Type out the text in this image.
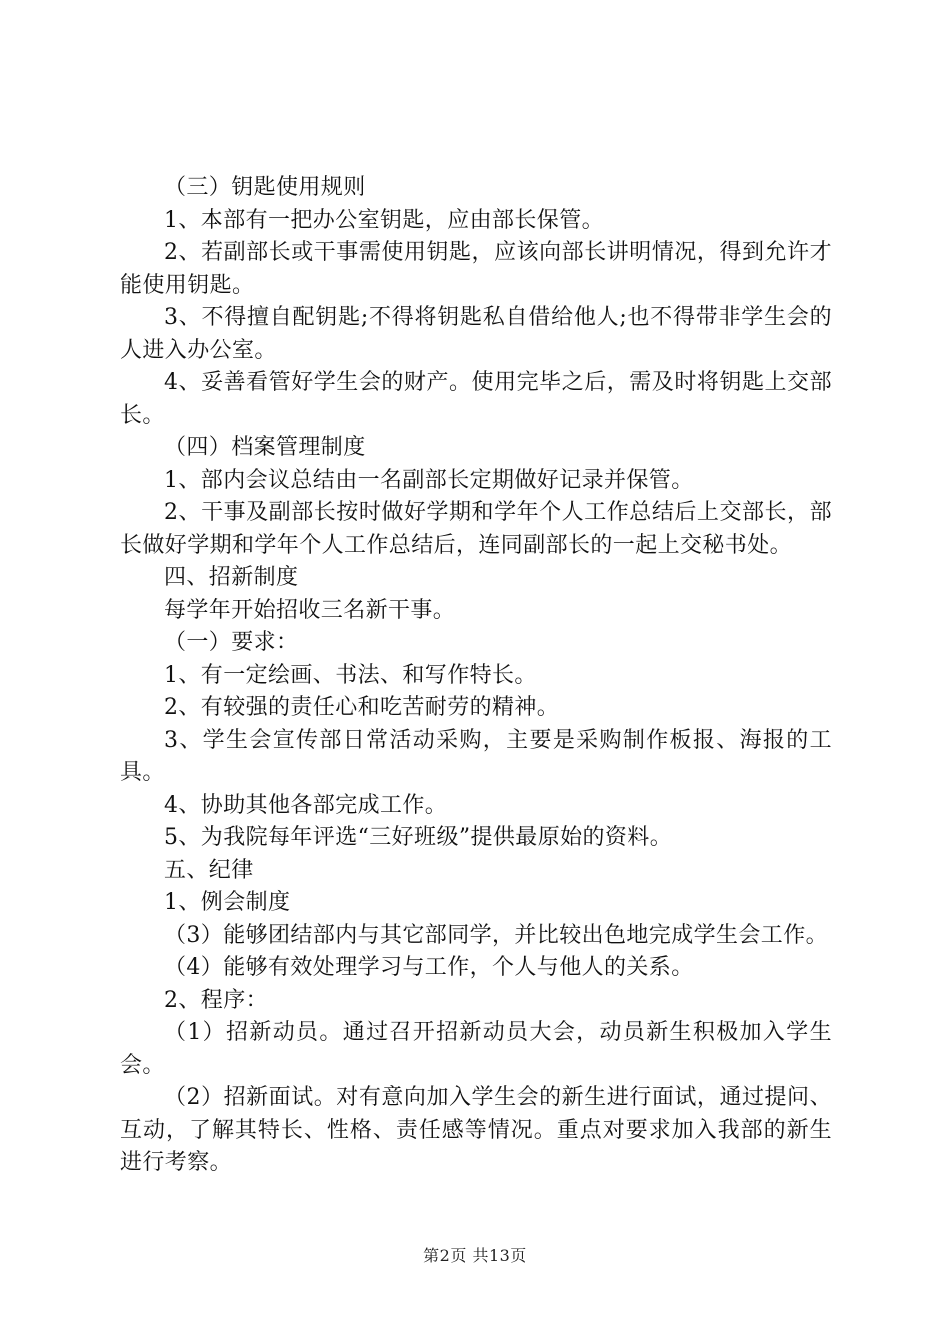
（三）钥匙使用规则

1、本部有一把办公室钥匙，应由部长保管。

2、若副部长或干事需使用钥匙，应该向部长讲明情况，得到允许才能使用钥匙。

3、不得擅自配钥匙;不得将钥匙私自借给他人;也不得带非学生会的人进入办公室。

4、妥善看管好学生会的财产。使用完毕之后，需及时将钥匙上交部长。

（四）档案管理制度

1、部内会议总结由一名副部长定期做好记录并保管。

2、干事及副部长按时做好学期和学年个人工作总结后上交部长，部长做好学期和学年个人工作总结后，连同副部长的一起上交秘书处。

四、招新制度

每学年开始招收三名新干事。

（一）要求：

1、有一定绘画、书法、和写作特长。

2、有较强的责任心和吃苦耐劳的精神。

3、学生会宣传部日常活动采购，主要是采购制作板报、海报的工具。

4、协助其他各部完成工作。

5、为我院每年评选“三好班级”提供最原始的资料。

五、纪律

1、例会制度

（3）能够团结部内与其它部同学，并比较出色地完成学生会工作。

（4）能够有效处理学习与工作，个人与他人的关系。

2、程序：

（1）招新动员。通过召开招新动员大会，动员新生积极加入学生会。

（2）招新面试。对有意向加入学生会的新生进行面试，通过提问、互动，了解其特长、性格、责任感等情况。重点对要求加入我部的新生进行考察。

第2页 共13页
